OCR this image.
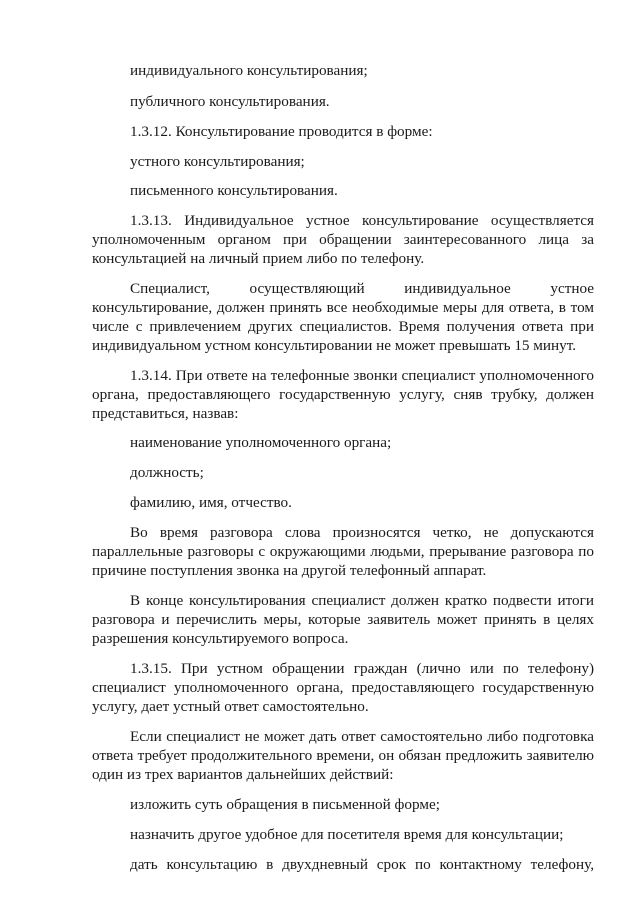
индивидуального консультирования;

публичного консультирования.

1.3.12. Консультирование проводится в форме:

устного консультирования;

письменного консультирования.

1.3.13. Индивидуальное устное консультирование осуществляется

уполномоченным органом при обращении заинтересованного лица за

консультацией на личный прием либо по телефону.

Специалист, осуществляющий индивидуальное устное

консультирование, должен принять все необходимые меры для ответа, в том

числе с привлечением других специалистов. Время получения ответа при

индивидуальном устном консультировании не может превышать 15 минут.

1.3.14. При ответе на телефонные звонки специалист уполномоченного

органа, предоставляющего государственную услугу, сняв трубку, должен

представиться, назвав:

наименование уполномоченного органа;

должность;

фамилию, имя, отчество.

Во время разговора слова произносятся четко, не допускаются

параллельные разговоры с окружающими людьми, прерывание разговора по

причине поступления звонка на другой телефонный аппарат.

В конце консультирования специалист должен кратко подвести итоги

разговора и перечислить меры, которые заявитель может принять в целях

разрешения консультируемого вопроса.

1.3.15. При устном обращении граждан (лично или по телефону)

специалист уполномоченного органа, предоставляющего государственную

услугу, дает устный ответ самостоятельно.

Если специалист не может дать ответ самостоятельно либо подготовка

ответа требует продолжительного времени, он обязан предложить заявителю

один из трех вариантов дальнейших действий:

изложить суть обращения в письменной форме;

назначить другое удобное для посетителя время для консультации;

дать консультацию в двухдневный срок по контактному телефону,
